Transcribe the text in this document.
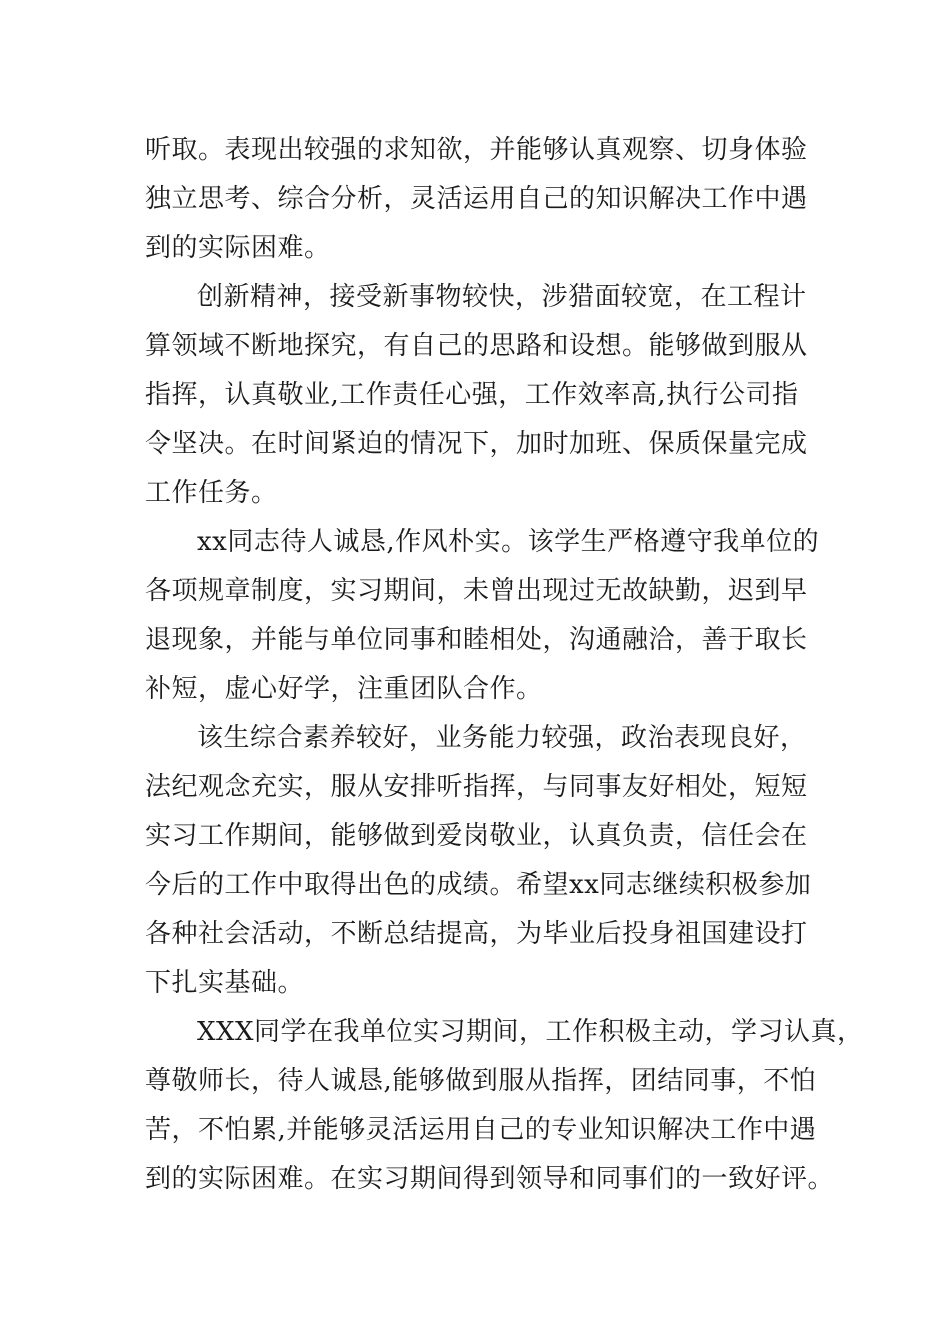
听取。表现出较强的求知欲，并能够认真观察、切身体验
独立思考、综合分析，灵活运用自己的知识解决工作中遇
到的实际困难。
创新精神，接受新事物较快，涉猎面较宽，在工程计
算领域不断地探究，有自己的思路和设想。能够做到服从
指挥，认真敬业,工作责任心强，工作效率高,执行公司指
令坚决。在时间紧迫的情况下，加时加班、保质保量完成
工作任务。
xx同志待人诚恳,作风朴实。该学生严格遵守我单位的
各项规章制度，实习期间，未曾出现过无故缺勤，迟到早
退现象，并能与单位同事和睦相处，沟通融洽，善于取长
补短，虚心好学，注重团队合作。
该生综合素养较好，业务能力较强，政治表现良好，
法纪观念充实，服从安排听指挥，与同事友好相处，短短
实习工作期间，能够做到爱岗敬业，认真负责，信任会在
今后的工作中取得出色的成绩。希望xx同志继续积极参加
各种社会活动，不断总结提高，为毕业后投身祖国建设打
下扎实基础。
XXX同学在我单位实习期间，工作积极主动，学习认真，
尊敬师长，待人诚恳,能够做到服从指挥，团结同事，不怕
苦，不怕累,并能够灵活运用自己的专业知识解决工作中遇
到的实际困难。在实习期间得到领导和同事们的一致好评。
